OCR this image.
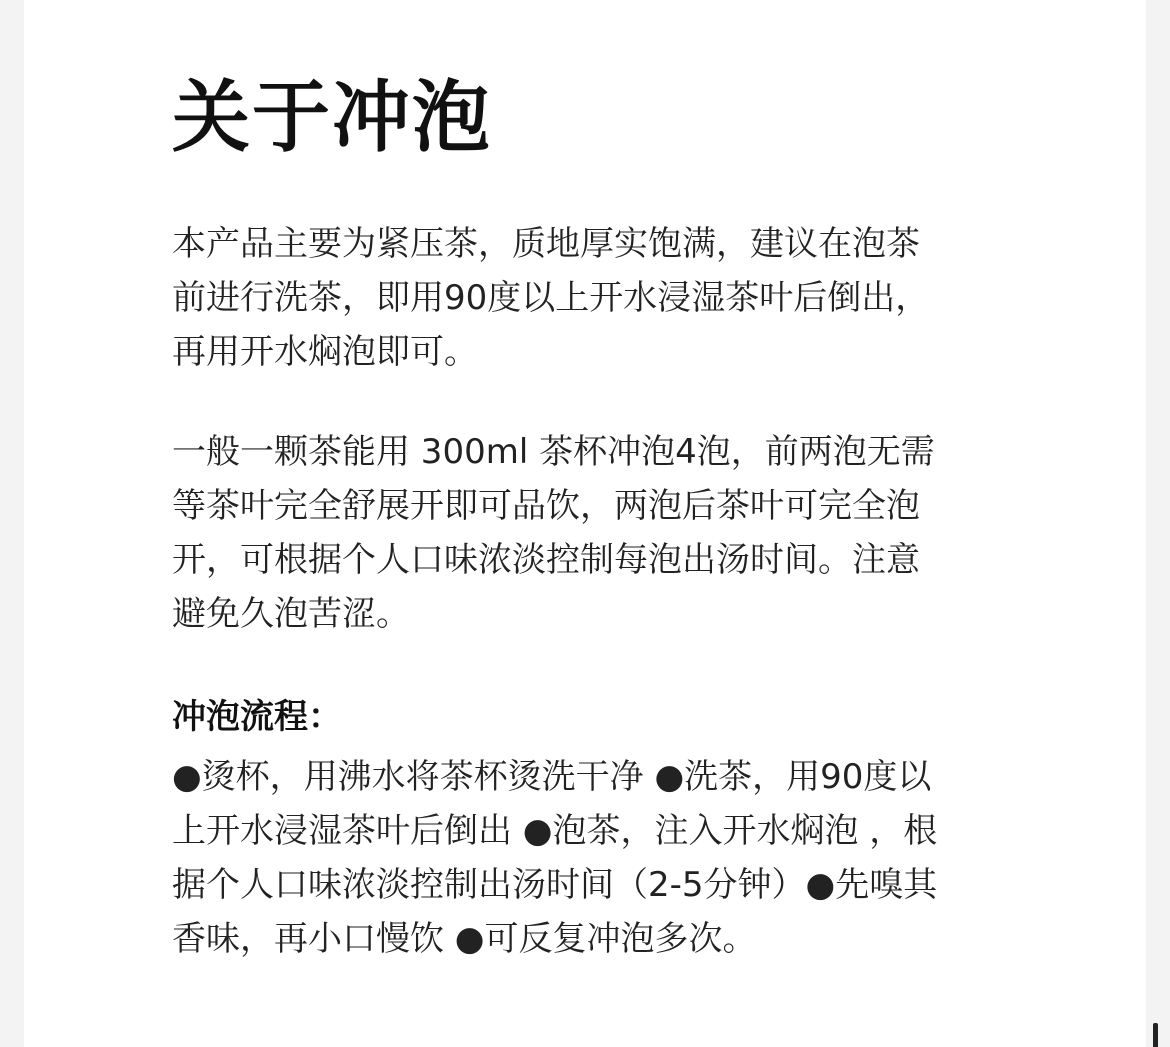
关于冲泡

本产品主要为紧压茶，质地厚实饱满，建议在泡茶
前进行洗茶，即用90度以上开水浸湿茶叶后倒出，
再用开水焖泡即可。

一般一颗茶能用 300ml 茶杯冲泡4泡，前两泡无需
等茶叶完全舒展开即可品饮，两泡后茶叶可完全泡
开，可根据个人口味浓淡控制每泡出汤时间。注意
避免久泡苦涩。

冲泡流程：

●烫杯，用沸水将茶杯烫洗干净 ●洗茶，用90度以
上开水浸湿茶叶后倒出 ●泡茶，注入开水焖泡 ，根
据个人口味浓淡控制出汤时间（2-5分钟）●先嗅其
香味，再小口慢饮 ●可反复冲泡多次。
